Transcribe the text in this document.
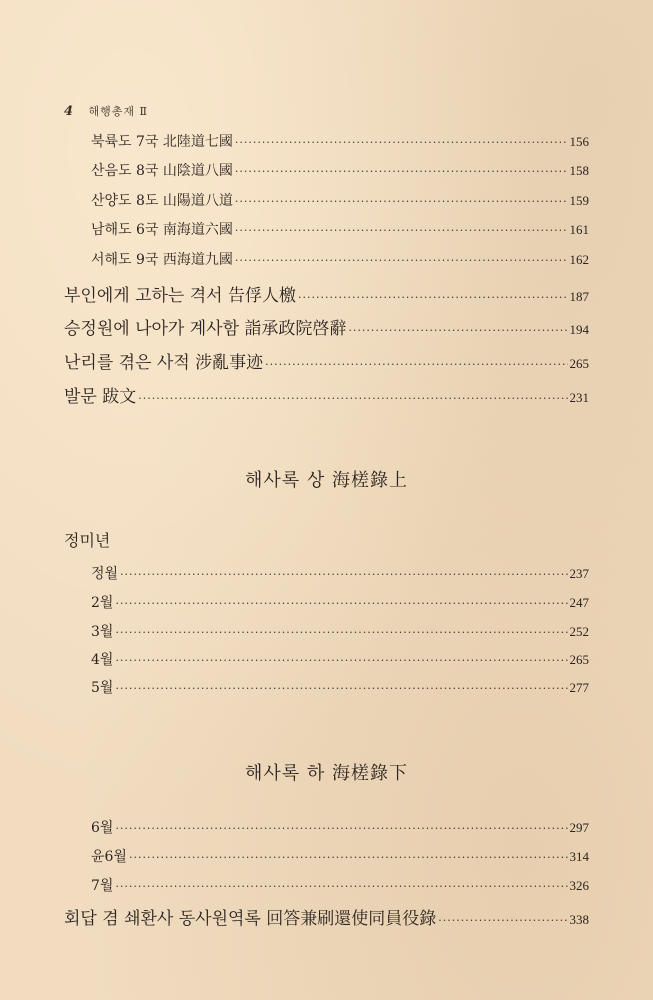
4 해행총재 Ⅱ
북륙도 7국 北陸道七國 ·····	156
산음도 8국 山陰道八國 ·····	158
산양도 8도 山陽道八道 ·····	159
남해도 6국 南海道六國 ·····	161
서해도 9국 西海道九國 ·····	162
부인에게 고하는 격서 告俘人檄 ·····	187
승정원에 나아가 계사함 詣承政院啓辭 ·····	194
난리를 겪은 사적 涉亂事迹 ·····	265
발문 跋文 ·····	231
해사록 상 海槎錄上
정미년
정월 ·····	237
2월 ·····	247
3월 ·····	252
4월 ·····	265
5월 ·····	277
해사록 하 海槎錄下
6월 ·····	297
윤6월 ·····	314
7월 ·····	326
회답 겸 쇄환사 동사원역록 回答兼刷還使同員役錄 ·····	338
